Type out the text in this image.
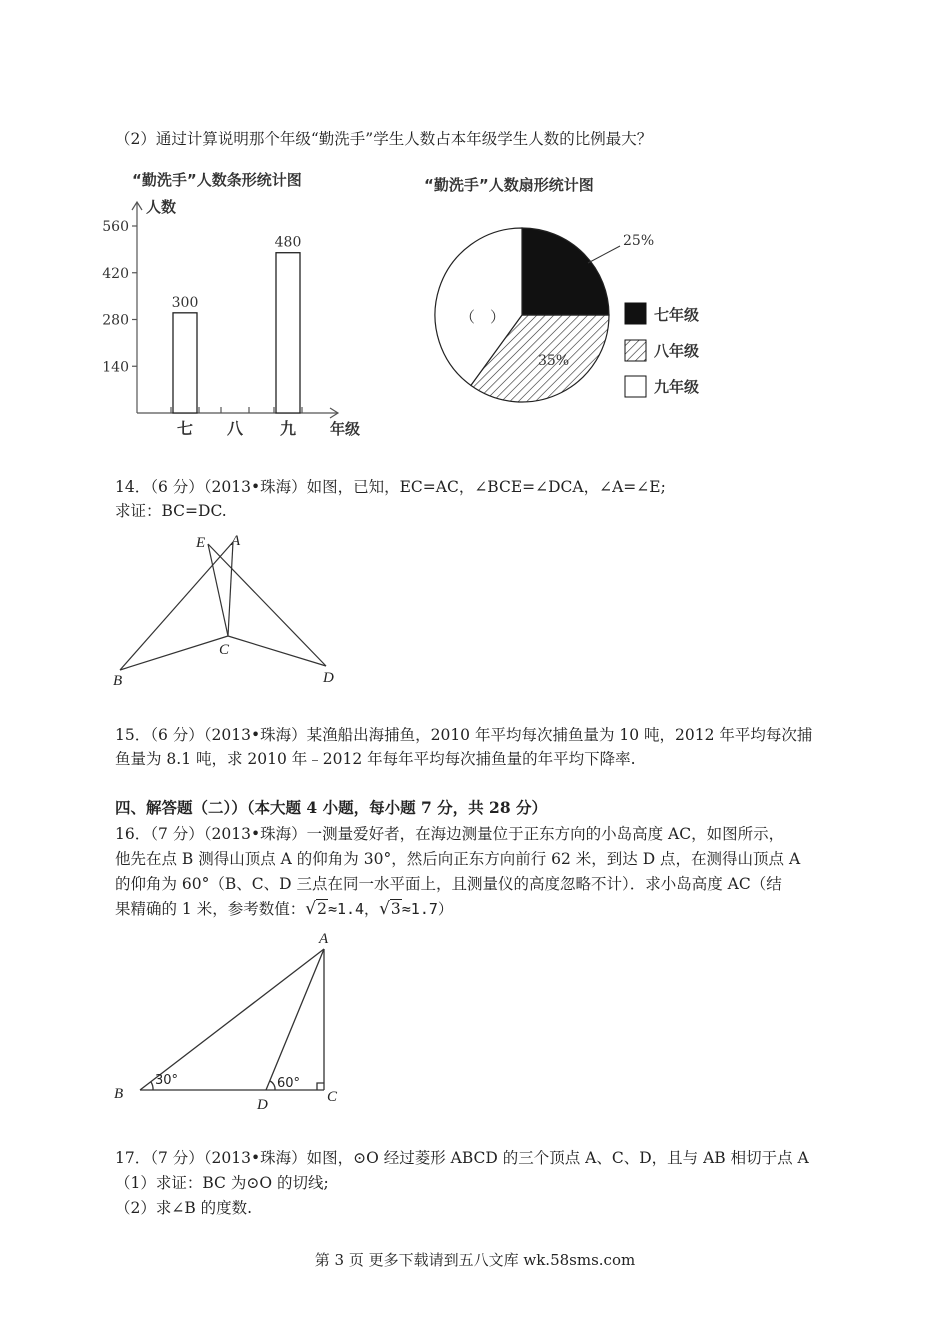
（2）通过计算说明那个年级“勤洗手”学生人数占本年级学生人数的比例最大？
“勤洗手”人数条形统计图
人数
年级
140
280
420
560
300
480
七 八 九
“勤洗手”人数扇形统计图
25%
35%
（　）	七年级
八年级
九年级
14．（6 分）（2013•珠海）如图，已知，EC=AC，∠BCE=∠DCA，∠A=∠E;
求证：BC=DC.
E A
B
C
D
15．（6 分）（2013•珠海）某渔船出海捕鱼，2010 年平均每次捕鱼量为 10 吨，2012 年平均每次捕
鱼量为 8.1 吨，求 2010 年﹣2012 年每年平均每次捕鱼量的年平均下降率.
四、解答题（二））（本大题 4 小题，每小题 7 分，共 28 分）
16．（7 分）（2013•珠海）一测量爱好者，在海边测量位于正东方向的小岛高度 AC，如图所示，
他先在点 B 测得山顶点 A 的仰角为 30°，然后向正东方向前行 62 米，到达 D 点，在测得山顶点 A
的仰角为 60°（B、C、D 三点在同一水平面上，且测量仪的高度忽略不计）．求小岛高度 AC（结
果精确的 1 米，参考数值：√2≈1.4，√3≈1.7）
A
B
D	C
30°	60°
17．（7 分）（2013•珠海）如图，⊙O 经过菱形 ABCD 的三个顶点 A、C、D，且与 AB 相切于点 A
（1）求证：BC 为⊙O 的切线;
（2）求∠B 的度数.
第 3 页 更多下载请到五八文库 wk.58sms.com
